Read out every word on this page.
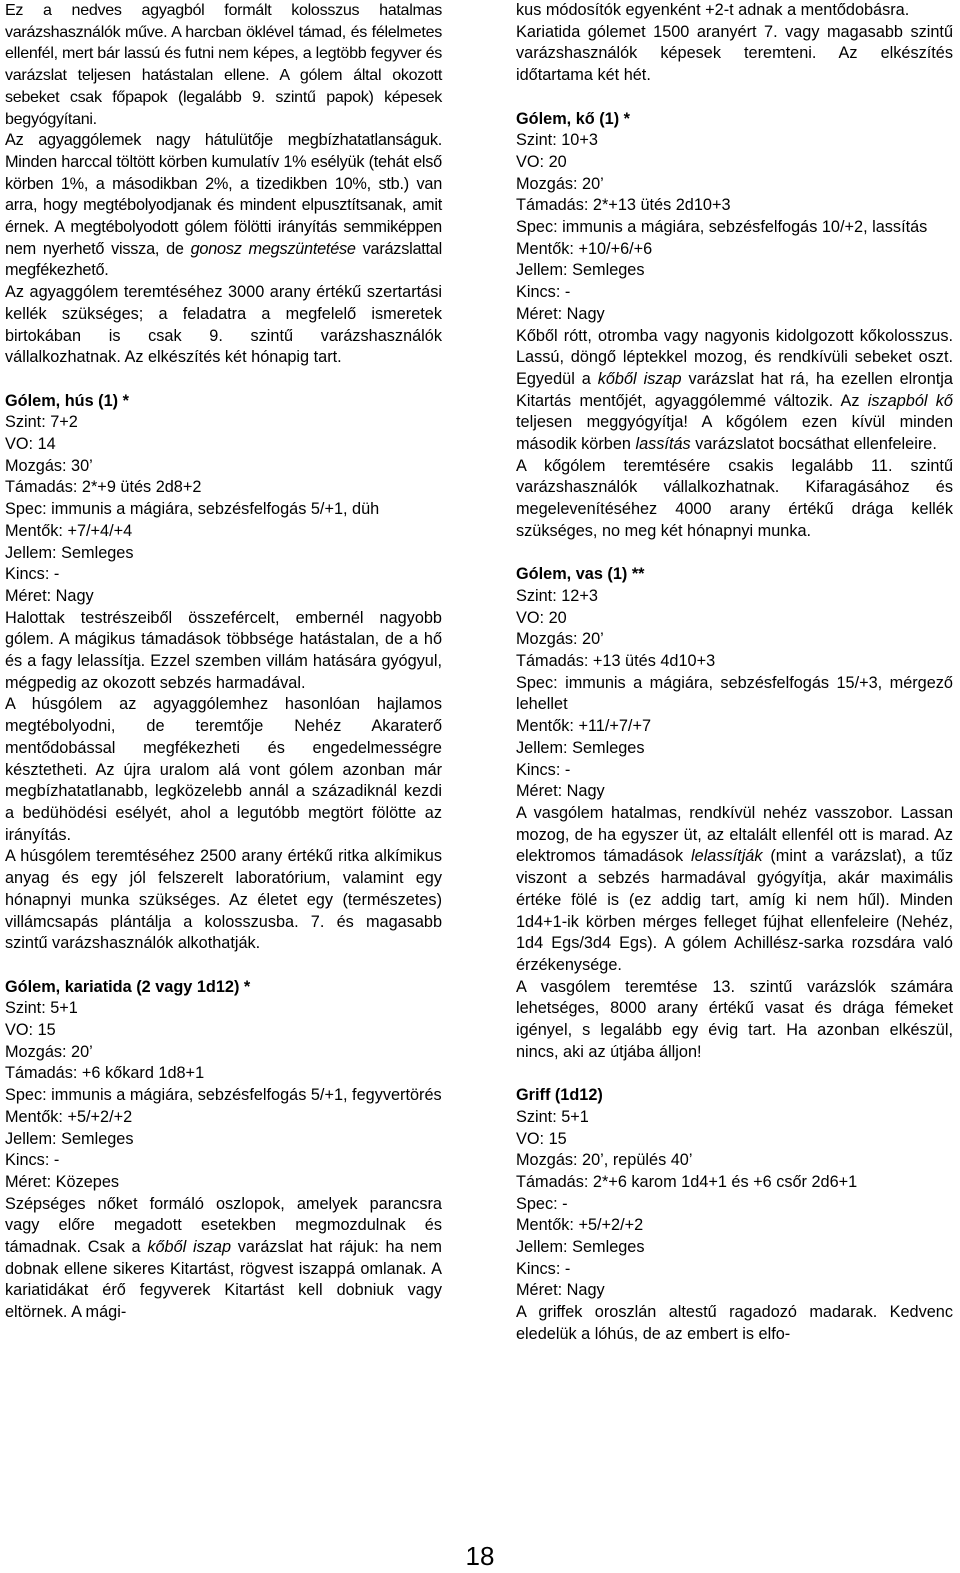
Ez a nedves agyagból formált kolosszus hatalmas varázshasználók műve. A harcban öklével támad, és félelmetes ellenfél, mert bár lassú és futni nem képes, a legtöbb fegyver és varázslat teljesen hatástalan ellene. A gólem által okozott sebeket csak főpapok (legalább 9. szintű papok) képesek begyógyítani.

Az agyaggólemek nagy hátulütője megbízhatatlanságuk. Minden harccal töltött körben kumulatív 1% esélyük (tehát első körben 1%, a másodikban 2%, a tizedikben 10%, stb.) van arra, hogy megtébolyodjanak és mindent elpusztítsanak, amit érnek. A megtébolyodott gólem fölötti irányítás semmiképpen nem nyerhető vissza, de gonosz megszüntetése varázslattal megfékezhető.

Az agyaggólem teremtéséhez 3000 arany értékű szertartási kellék szükséges; a feladatra a megfelelő ismeretek birtokában is csak 9. szintű varázshasználók vállalkozhatnak. Az elkészítés két hónapig tart.

Gólem, hús (1) *

Szint: 7+2

VO: 14

Mozgás: 30’

Támadás: 2*+9 ütés 2d8+2

Spec: immunis a mágiára, sebzésfelfogás 5/+1, düh

Mentők: +7/+4/+4

Jellem: Semleges

Kincs: -

Méret: Nagy

Halottak testrészeiből összefércelt, embernél nagyobb gólem. A mágikus támadások többsége hatástalan, de a hő és a fagy lelassítja. Ezzel szemben villám hatására gyógyul, mégpedig az okozott sebzés harmadával.

A húsgólem az agyaggólemhez hasonlóan hajlamos megtébolyodni, de teremtője Nehéz Akaraterő mentődobással megfékezheti és engedelmességre késztetheti. Az újra uralom alá vont gólem azonban már megbízhatatlanabb, legközelebb annál a századiknál kezdi a bedühödési esélyét, ahol a legutóbb megtört fölötte az irányítás.

A húsgólem teremtéséhez 2500 arany értékű ritka alkímikus anyag és egy jól felszerelt laboratórium, valamint egy hónapnyi munka szükséges. Az életet egy (természetes) villámcsapás plántálja a kolosszusba. 7. és magasabb szintű varázshasználók alkothatják.

Gólem, kariatida (2 vagy 1d12) *

Szint: 5+1

VO: 15

Mozgás: 20’

Támadás: +6 kőkard 1d8+1

Spec: immunis a mágiára, sebzésfelfogás 5/+1, fegyvertörés

Mentők: +5/+2/+2

Jellem: Semleges

Kincs: -

Méret: Közepes

Szépséges nőket formáló oszlopok, amelyek parancsra vagy előre megadott esetekben megmozdulnak és támadnak. Csak a kőből iszap varázslat hat rájuk: ha nem dobnak ellene sikeres Kitartást, rögvest iszappá omlanak. A kariatidákat érő fegyverek Kitartást kell dobniuk vagy eltörnek. A mági-

kus módosítók egyenként +2-t adnak a mentődobásra.

Kariatida gólemet 1500 aranyért 7. vagy magasabb szintű varázshasználók képesek teremteni. Az elkészítés időtartama két hét.

Gólem, kő (1) *

Szint: 10+3

VO: 20

Mozgás: 20’

Támadás: 2*+13 ütés 2d10+3

Spec: immunis a mágiára, sebzésfelfogás 10/+2, lassítás

Mentők: +10/+6/+6

Jellem: Semleges

Kincs: -

Méret: Nagy

Kőből rótt, otromba vagy nagyonis kidolgozott kőkolosszus. Lassú, döngő léptekkel mozog, és rendkívüli sebeket oszt. Egyedül a kőből iszap varázslat hat rá, ha ezellen elrontja Kitartás mentőjét, agyaggólemmé változik. Az iszapból kő teljesen meggyógyítja! A kőgólem ezen kívül minden második körben lassítás varázslatot bocsáthat ellenfeleire.

A kőgólem teremtésére csakis legalább 11. szintű varázshasználók vállalkozhatnak. Kifaragásához és megelevenítéséhez 4000 arany értékű drága kellék szükséges, no meg két hónapnyi munka.

Gólem, vas (1) **

Szint: 12+3

VO: 20

Mozgás: 20’

Támadás: +13 ütés 4d10+3

Spec: immunis a mágiára, sebzésfelfogás 15/+3, mérgező lehellet

Mentők: +11/+7/+7

Jellem: Semleges

Kincs: -

Méret: Nagy

A vasgólem hatalmas, rendkívül nehéz vasszobor. Lassan mozog, de ha egyszer üt, az eltalált ellenfél ott is marad. Az elektromos támadások lelassítják (mint a varázslat), a tűz viszont a sebzés harmadával gyógyítja, akár maximális értéke fölé is (ez addig tart, amíg ki nem hűl). Minden 1d4+1-ik körben mérges felleget fújhat ellenfeleire (Nehéz, 1d4 Egs/3d4 Egs). A gólem Achillész-sarka rozsdára való érzékenysége.

A vasgólem teremtése 13. szintű varázslók számára lehetséges, 8000 arany értékű vasat és drága fémeket igényel, s legalább egy évig tart. Ha azonban elkészül, nincs, aki az útjába álljon!

Griff (1d12)

Szint: 5+1

VO: 15

Mozgás: 20’, repülés 40’

Támadás: 2*+6 karom 1d4+1 és +6 csőr 2d6+1

Spec: -

Mentők: +5/+2/+2

Jellem: Semleges

Kincs: -

Méret: Nagy

A griffek oroszlán altestű ragadozó madarak. Kedvenc eledelük a lóhús, de az embert is elfo-

18
